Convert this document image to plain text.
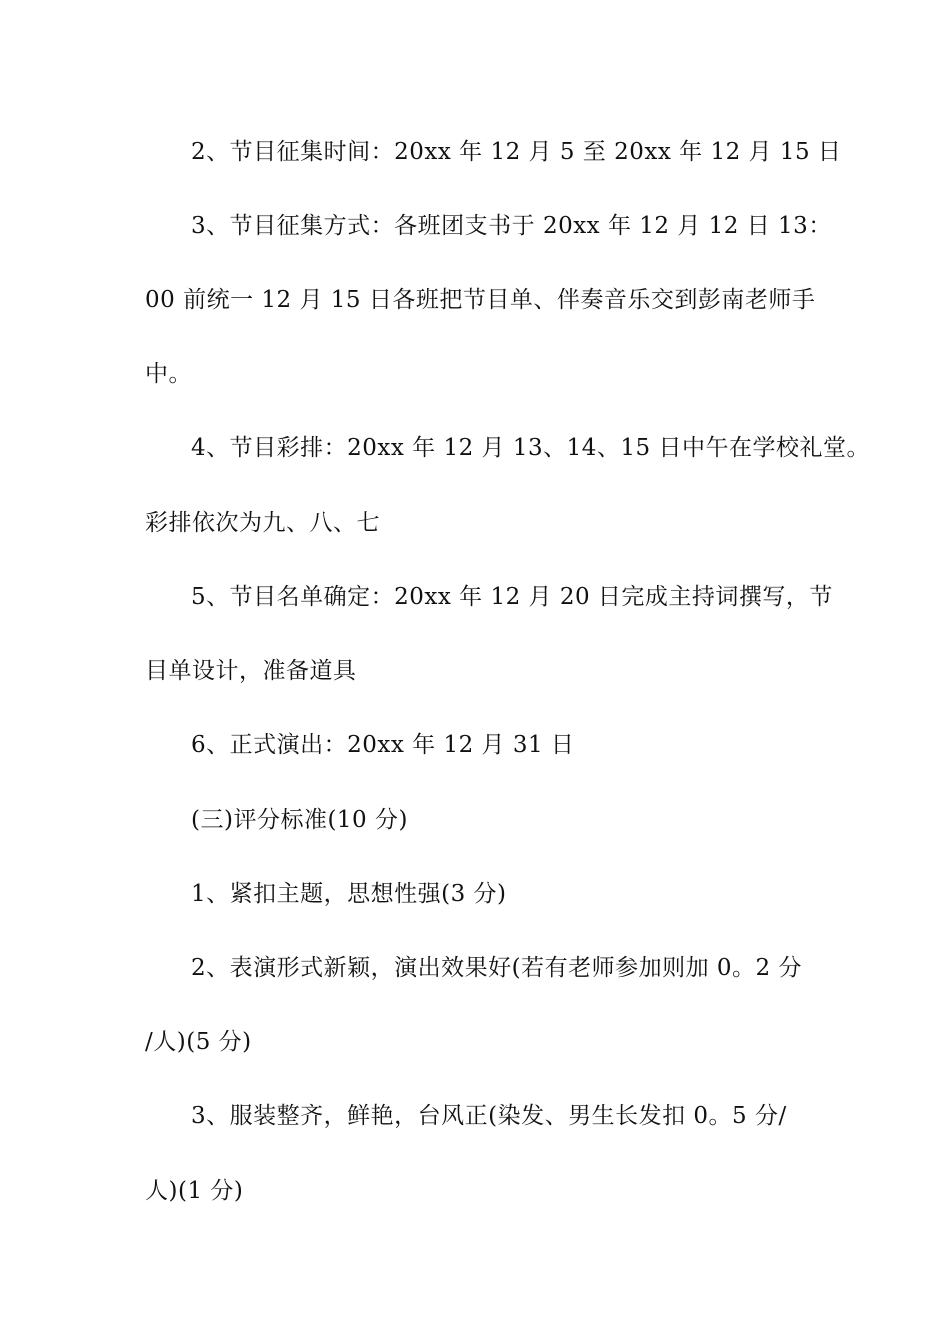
2、节目征集时间：20xx 年 12 月 5 至 20xx 年 12 月 15 日
3、节目征集方式：各班团支书于 20xx 年 12 月 12 日 13：
00 前统一 12 月 15 日各班把节目单、伴奏音乐交到彭南老师手
中。
4、节目彩排：20xx 年 12 月 13、14、15 日中午在学校礼堂。
彩排依次为九、八、七
5、节目名单确定：20xx 年 12 月 20 日完成主持词撰写，节
目单设计，准备道具
6、正式演出：20xx 年 12 月 31 日
(三)评分标准(10 分)
1、紧扣主题，思想性强(3 分)
2、表演形式新颖，演出效果好(若有老师参加则加 0。2 分
/人)(5 分)
3、服装整齐，鲜艳，台风正(染发、男生长发扣 0。5 分/
人)(1 分)
